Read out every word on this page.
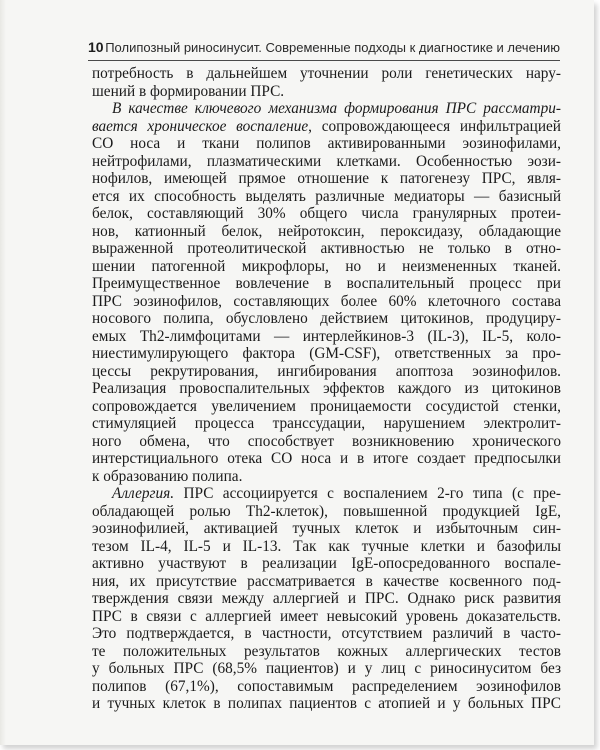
10 Полипозный риносинусит. Современные подходы к диагностике и лечению
потребность в дальнейшем уточнении роли генетических нару-
шений в формировании ПРС.
В качестве ключевого механизма формирования ПРС рассматри-
вается хроническое воспаление, сопровождающееся инфильтрацией
СО носа и ткани полипов активированными эозинофилами,
нейтрофилами, плазматическими клетками. Особенностью эози-
нофилов, имеющей прямое отношение к патогенезу ПРС, явля-
ется их способность выделять различные медиаторы — базисный
белок, составляющий 30% общего числа гранулярных протеи-
нов, катионный белок, нейротоксин, пероксидазу, обладающие
выраженной протеолитической активностью не только в отно-
шении патогенной микрофлоры, но и неизмененных тканей.
Преимущественное вовлечение в воспалительный процесс при
ПРС эозинофилов, составляющих более 60% клеточного состава
носового полипа, обусловлено действием цитокинов, продуциру-
емых Th2-лимфоцитами — интерлейкинов-3 (IL-3), IL-5, коло-
ниестимулирующего фактора (GM-CSF), ответственных за про-
цессы рекрутирования, ингибирования апоптоза эозинофилов.
Реализация провоспалительных эффектов каждого из цитокинов
сопровождается увеличением проницаемости сосудистой стенки,
стимуляцией процесса транссудации, нарушением электролит-
ного обмена, что способствует возникновению хронического
интерстициального отека СО носа и в итоге создает предпосылки
к образованию полипа.
Аллергия. ПРС ассоциируется с воспалением 2-го типа (с пре-
обладающей ролью Th2-клеток), повышенной продукцией IgE,
эозинофилией, активацией тучных клеток и избыточным син-
тезом IL-4, IL-5 и IL-13. Так как тучные клетки и базофилы
активно участвуют в реализации IgE-опосредованного воспале-
ния, их присутствие рассматривается в качестве косвенного под-
тверждения связи между аллергией и ПРС. Однако риск развития
ПРС в связи с аллергией имеет невысокий уровень доказательств.
Это подтверждается, в частности, отсутствием различий в часто-
те положительных результатов кожных аллергических тестов
у больных ПРС (68,5% пациентов) и у лиц с риносинуситом без
полипов (67,1%), сопоставимым распределением эозинофилов
и тучных клеток в полипах пациентов с атопией и у больных ПРС
